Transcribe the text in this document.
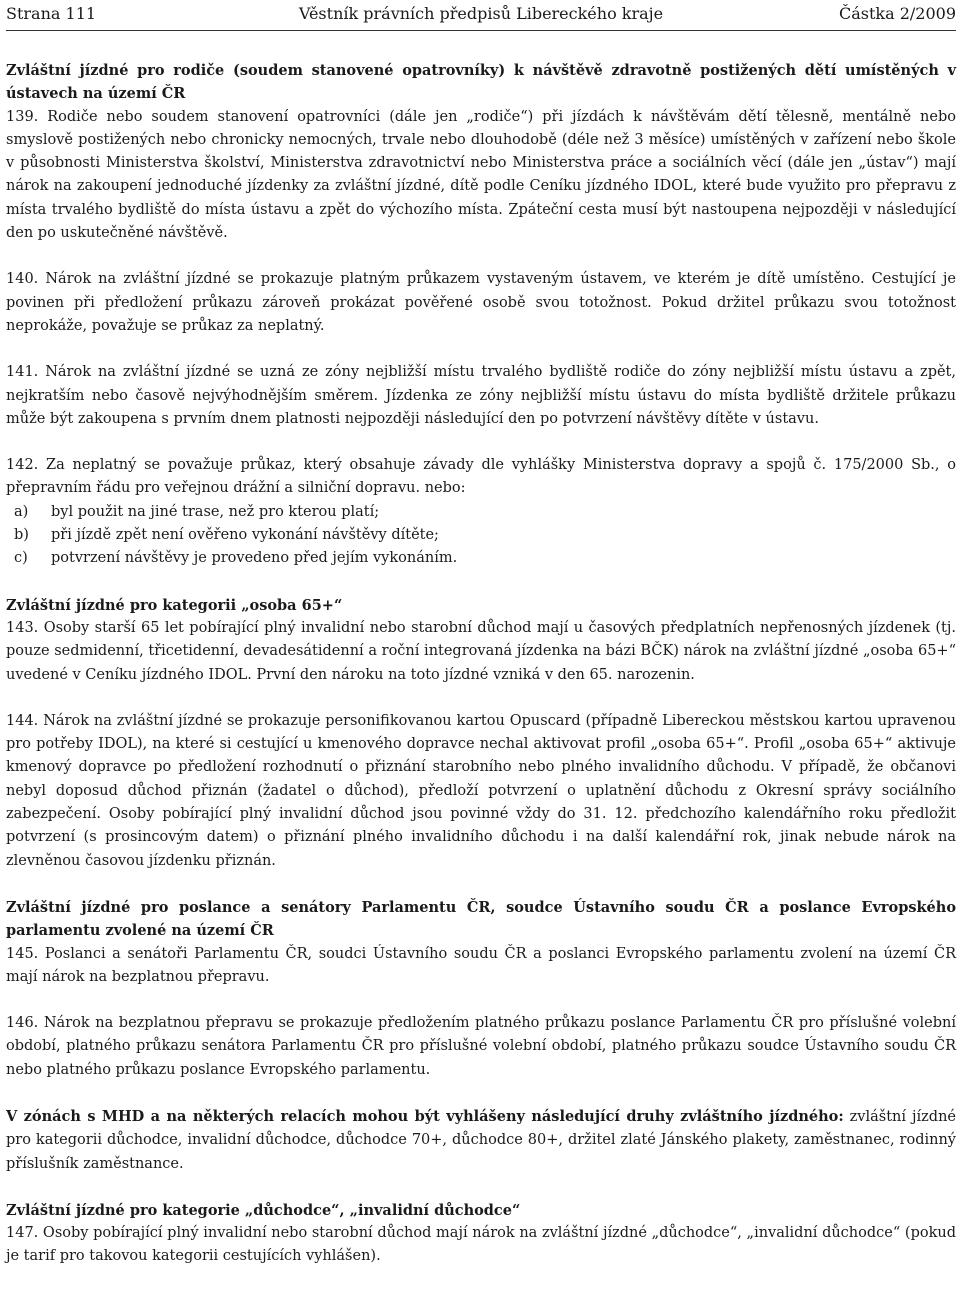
Strana 111	Věstník právních předpisů Libereckého kraje	Částka 2/2009

Zvláštní jízdné pro rodiče (soudem stanovené opatrovníky) k návštěvě zdravotně postižených dětí umístěných v ústavech na území ČR

139. Rodiče nebo soudem stanovení opatrovníci (dále jen „rodiče“) při jízdách k návštěvám dětí tělesně, mentálně nebo smyslově postižených nebo chronicky nemocných, trvale nebo dlouhodobě (déle než 3 měsíce) umístěných v zařízení nebo škole v působnosti Ministerstva školství, Ministerstva zdravotnictví nebo Ministerstva práce a sociálních věcí (dále jen „ústav“) mají nárok na zakoupení jednoduché jízdenky za zvláštní jízdné, dítě podle Ceníku jízdného IDOL, které bude využito pro přepravu z místa trvalého bydliště do místa ústavu a zpět do výchozího místa. Zpáteční cesta musí být nastoupena nejpozději v následující den po uskutečněné návštěvě.

140. Nárok na zvláštní jízdné se prokazuje platným průkazem vystaveným ústavem, ve kterém je dítě umístěno. Cestující je povinen při předložení průkazu zároveň prokázat pověřené osobě svou totožnost. Pokud držitel průkazu svou totožnost neprokáže, považuje se průkaz za neplatný.

141. Nárok na zvláštní jízdné se uzná ze zóny nejbližší místu trvalého bydliště rodiče do zóny nejbližší místu ústavu a zpět, nejkratším nebo časově nejvýhodnějším směrem. Jízdenka ze zóny nejbližší místu ústavu do místa bydliště držitele průkazu může být zakoupena s prvním dnem platnosti nejpozději následující den po potvrzení návštěvy dítěte v ústavu.

142. Za neplatný se považuje průkaz, který obsahuje závady dle vyhlášky Ministerstva dopravy a spojů č. 175/2000 Sb., o přepravním řádu pro veřejnou drážní a silniční dopravu. nebo:

a)	byl použit na jiné trase, než pro kterou platí;
b)	při jízdě zpět není ověřeno vykonání návštěvy dítěte;
c)	potvrzení návštěvy je provedeno před jejím vykonáním.

Zvláštní jízdné pro kategorii „osoba 65+“

143. Osoby starší 65 let pobírající plný invalidní nebo starobní důchod mají u časových předplatních nepřenosných jízdenek (tj. pouze sedmidenní, třicetidenní, devadesátidenní a roční integrovaná jízdenka na bázi BČK) nárok na zvláštní jízdné „osoba 65+“ uvedené v Ceníku jízdného IDOL. První den nároku na toto jízdné vzniká v den 65. narozenin.

144. Nárok na zvláštní jízdné se prokazuje personifikovanou kartou Opuscard (případně Libereckou městskou kartou upravenou pro potřeby IDOL), na které si cestující u kmenového dopravce nechal aktivovat profil „osoba 65+“. Profil „osoba 65+“ aktivuje kmenový dopravce po předložení rozhodnutí o přiznání starobního nebo plného invalidního důchodu. V případě, že občanovi nebyl doposud důchod přiznán (žadatel o důchod), předloží potvrzení o uplatnění důchodu z Okresní správy sociálního zabezpečení. Osoby pobírající plný invalidní důchod jsou povinné vždy do 31. 12. předchozího kalendářního roku předložit potvrzení (s prosincovým datem) o přiznání plného invalidního důchodu i na další kalendářní rok, jinak nebude nárok na zlevněnou časovou jízdenku přiznán.

Zvláštní jízdné pro poslance a senátory Parlamentu ČR, soudce Ústavního soudu ČR a poslance Evropského parlamentu zvolené na území ČR

145. Poslanci a senátoři Parlamentu ČR, soudci Ústavního soudu ČR a poslanci Evropského parlamentu zvolení na území ČR mají nárok na bezplatnou přepravu.

146. Nárok na bezplatnou přepravu se prokazuje předložením platného průkazu poslance Parlamentu ČR pro příslušné volební období, platného průkazu senátora Parlamentu ČR pro příslušné volební období, platného průkazu soudce Ústavního soudu ČR nebo platného průkazu poslance Evropského parlamentu.

V zónách s MHD a na některých relacích mohou být vyhlášeny následující druhy zvláštního jízdného: zvláštní jízdné pro kategorii důchodce, invalidní důchodce, důchodce 70+, důchodce 80+, držitel zlaté Jánského plakety, zaměstnanec, rodinný příslušník zaměstnance.

Zvláštní jízdné pro kategorie „důchodce“, „invalidní důchodce“

147. Osoby pobírající plný invalidní nebo starobní důchod mají nárok na zvláštní jízdné „důchodce“, „invalidní důchodce“ (pokud je tarif pro takovou kategorii cestujících vyhlášen).
